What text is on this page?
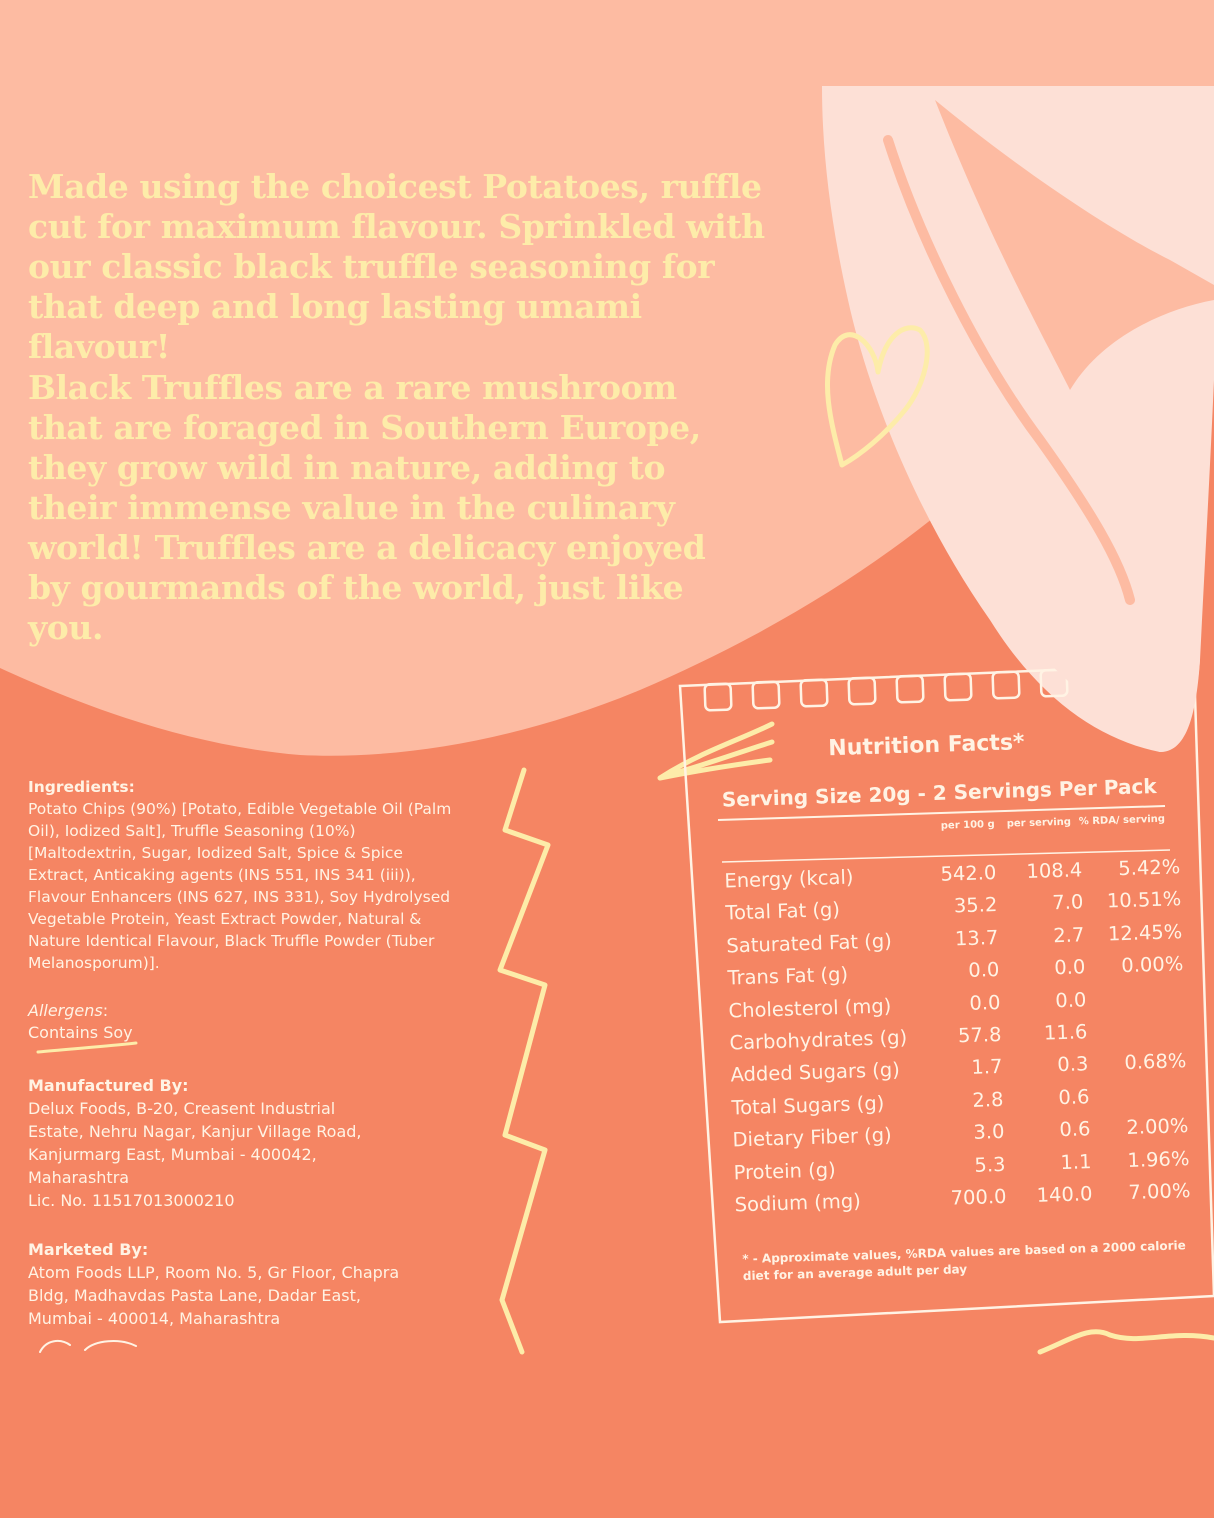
Made using the choicest Potatoes, ruffle cut for maximum flavour. Sprinkled with our classic black truffle seasoning for that deep and long lasting umami flavour!

Black Truffles are a rare mushroom that are foraged in Southern Europe, they grow wild in nature, adding to their immense value in the culinary world! Truffles are a delicacy enjoyed by gourmands of the world, just like you.

Ingredients:
Potato Chips (90%) [Potato, Edible Vegetable Oil (Palm Oil), Iodized Salt], Truffle Seasoning (10%) [Maltodextrin, Sugar, Iodized Salt, Spice & Spice Extract, Anticaking agents (INS 551, INS 341 (iii)), Flavour Enhancers (INS 627, INS 331), Soy Hydrolysed Vegetable Protein, Yeast Extract Powder, Natural & Nature Identical Flavour, Black Truffle Powder (Tuber Melanosporum)].
Allergens:
Contains Soy
Manufactured By:
Delux Foods, B-20, Creasent Industrial
Estate, Nehru Nagar, Kanjur Village Road,
Kanjurmarg East, Mumbai - 400042,
Maharashtra
Lic. No. 11517013000210
Marketed By:
Atom Foods LLP, Room No. 5, Gr Floor, Chapra
Bldg, Madhavdas Pasta Lane, Dadar East,
Mumbai - 400014, Maharashtra
Nutrition Facts*
Serving Size 20g - 2 Servings Per Pack
per 100 g per serving % RDA/ serving
Energy (kcal)	542.0 108.4 5.42%
Total Fat (g)	35.2	7.0 10.51%
Saturated Fat (g)	13.7	2.7 12.45%
Trans Fat (g)	0.0	0.0 0.00%
Cholesterol (mg)	0.0	0.0
Carbohydrates (g)	57.8 11.6
Added Sugars (g)	1.7	0.3 0.68%
Total Sugars (g)	2.8	0.6
Dietary Fiber (g)	3.0	0.6 2.00%
Protein (g)	5.3	1.1 1.96%
Sodium (mg)	700.0 140.0 7.00%
* - Approximate values, %RDA values are based on a 2000 calorie diet for an average adult per day
